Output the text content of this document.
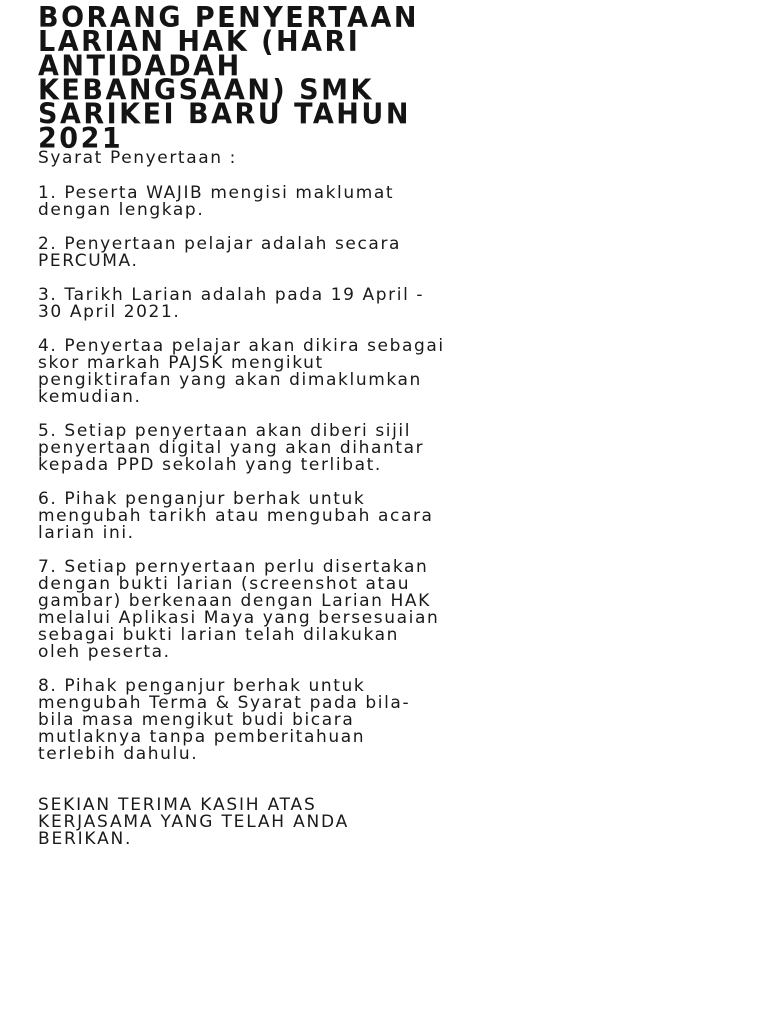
BORANG PENYERTAAN
LARIAN HAK (HARI
ANTIDADAH
KEBANGSAAN) SMK
SARIKEI BARU TAHUN
2021
Syarat Penyertaan :
1. Peserta WAJIB mengisi maklumat
dengan lengkap.
2. Penyertaan pelajar adalah secara
PERCUMA.
3. Tarikh Larian adalah pada 19 April -
30 April 2021.
4. Penyertaa pelajar akan dikira sebagai
skor markah PAJSK mengikut
pengiktirafan yang akan dimaklumkan
kemudian.
5. Setiap penyertaan akan diberi sijil
penyertaan digital yang akan dihantar
kepada PPD sekolah yang terlibat.
6. Pihak penganjur berhak untuk
mengubah tarikh atau mengubah acara
larian ini.
7. Setiap pernyertaan perlu disertakan
dengan bukti larian (screenshot atau
gambar) berkenaan dengan Larian HAK
melalui Aplikasi Maya yang bersesuaian
sebagai bukti larian telah dilakukan
oleh peserta.
8. Pihak penganjur berhak untuk
mengubah Terma & Syarat pada bila-
bila masa mengikut budi bicara
mutlaknya tanpa pemberitahuan
terlebih dahulu.
SEKIAN TERIMA KASIH ATAS
KERJASAMA YANG TELAH ANDA
BERIKAN.
